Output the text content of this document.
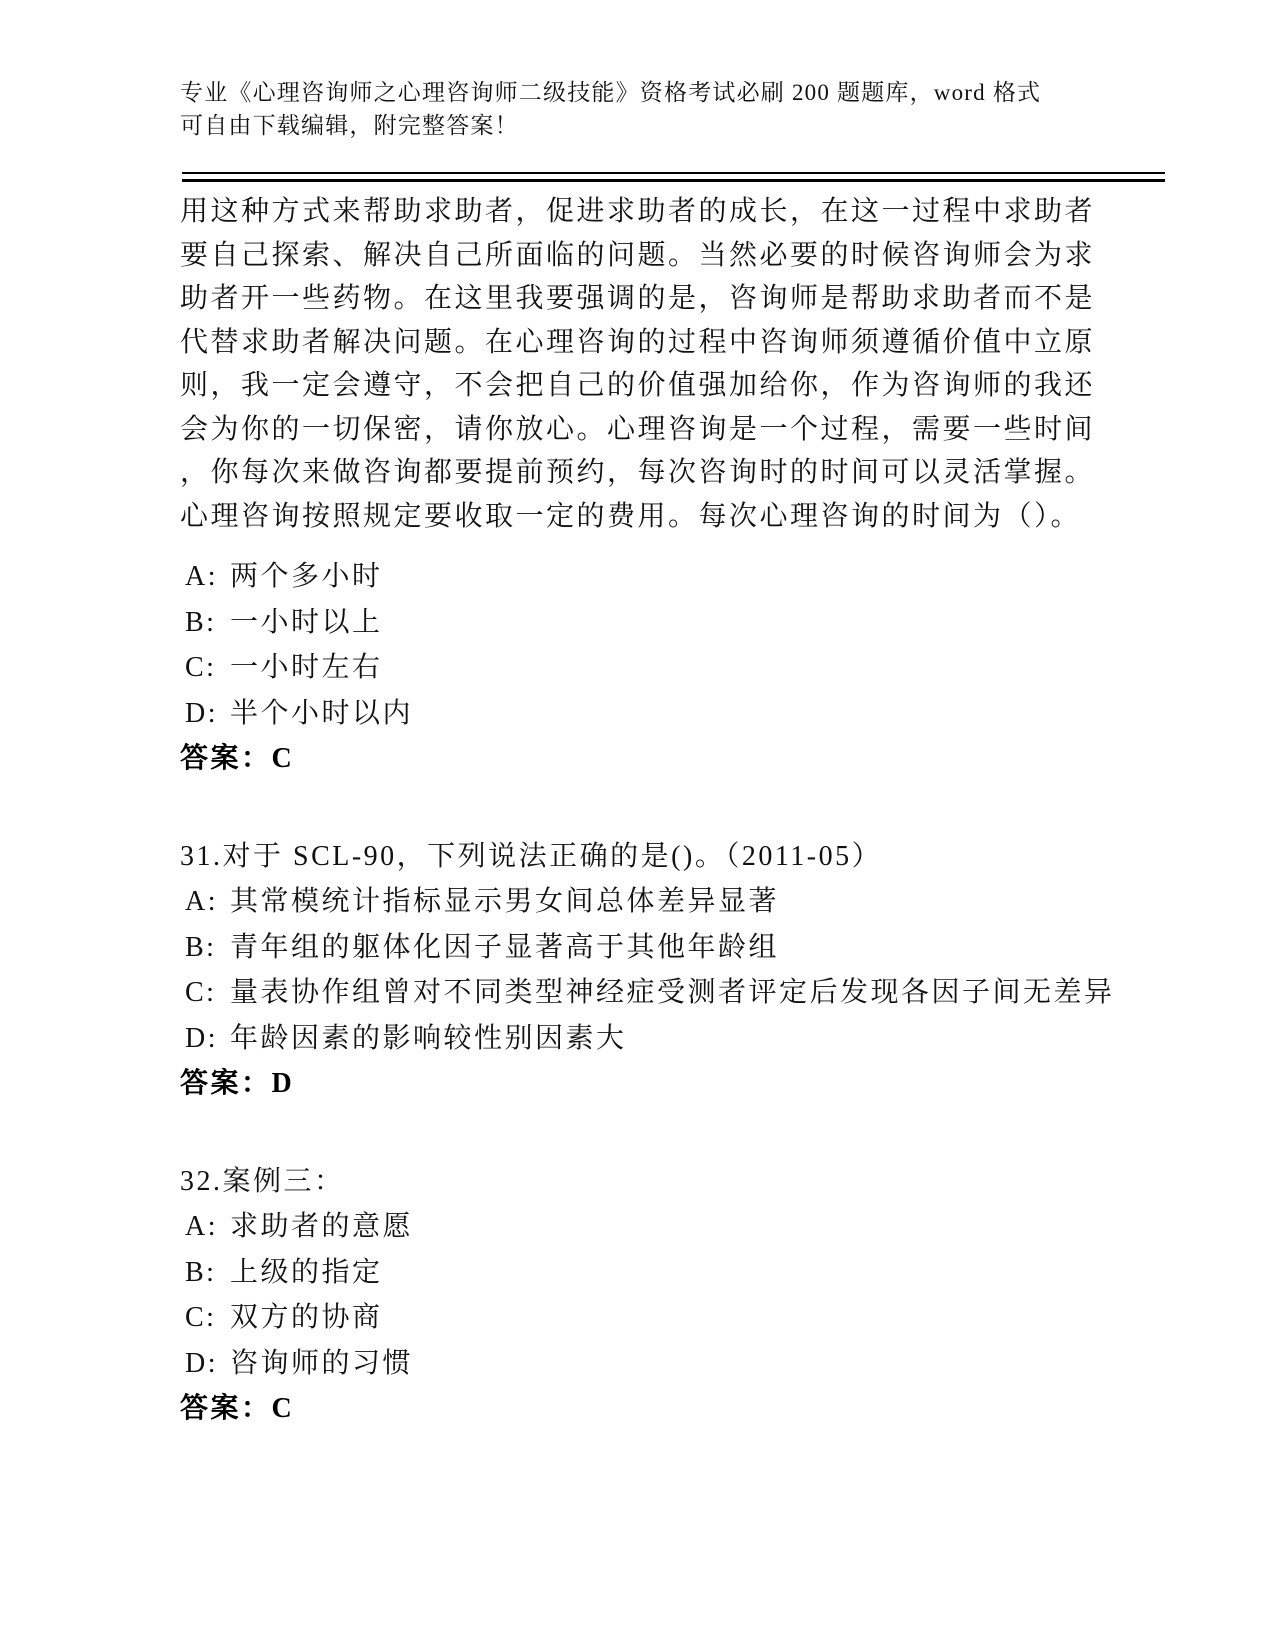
专业《心理咨询师之心理咨询师二级技能》资格考试必刷 200 题题库，word 格式
可自由下载编辑，附完整答案！
用这种方式来帮助求助者，促进求助者的成长，在这一过程中求助者
要自己探索、解决自己所面临的问题。当然必要的时候咨询师会为求
助者开一些药物。在这里我要强调的是，咨询师是帮助求助者而不是
代替求助者解决问题。在心理咨询的过程中咨询师须遵循价值中立原
则，我一定会遵守，不会把自己的价值强加给你，作为咨询师的我还
会为你的一切保密，请你放心。心理咨询是一个过程，需要一些时间
，你每次来做咨询都要提前预约，每次咨询时的时间可以灵活掌握。
心理咨询按照规定要收取一定的费用。每次心理咨询的时间为（）。
A: 两个多小时
B: 一小时以上
C: 一小时左右
D: 半个小时以内
答案：C
31.对于 SCL-90，下列说法正确的是()。（2011-05）
A: 其常模统计指标显示男女间总体差异显著
B: 青年组的躯体化因子显著高于其他年龄组
C: 量表协作组曾对不同类型神经症受测者评定后发现各因子间无差异
D: 年龄因素的影响较性别因素大
答案：D
32.案例三：
A: 求助者的意愿
B: 上级的指定
C: 双方的协商
D: 咨询师的习惯
答案：C
